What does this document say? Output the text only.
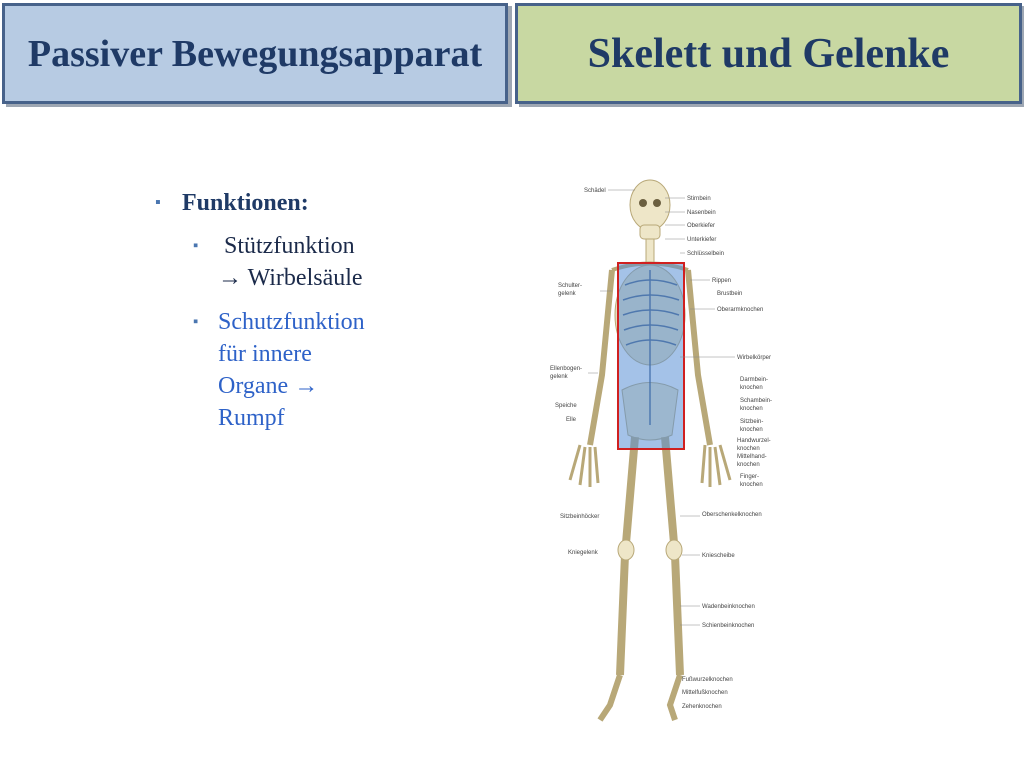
Passiver Bewegungsapparat	Skelett und Gelenke
▪ Funktionen:
▪ Stützfunktion
→ Wirbelsäule
▪ Schutzfunktion
für innere
Organe →
Rumpf
Schädel
Schulter-
gelenk
Ellenbogen-
gelenk
Speiche
Elle
Sitzbeinhöcker
Kniegelenk
Stirnbein
Nasenbein
Oberkiefer
Unterkiefer
Schlüsselbein
Rippen
Brustbein
Oberarmknochen
Wirbelkörper
Darmbein-
knochen
Schambein-
knochen
Sitzbein-
knochen
Handwurzel-
knochen
Mittelhand-
knochen
Finger-
knochen
Oberschenkelknochen
Kniescheibe
Wadenbeinknochen
Schienbeinknochen
Fußwurzelknochen
Mittelfußknochen
Zehenknochen
